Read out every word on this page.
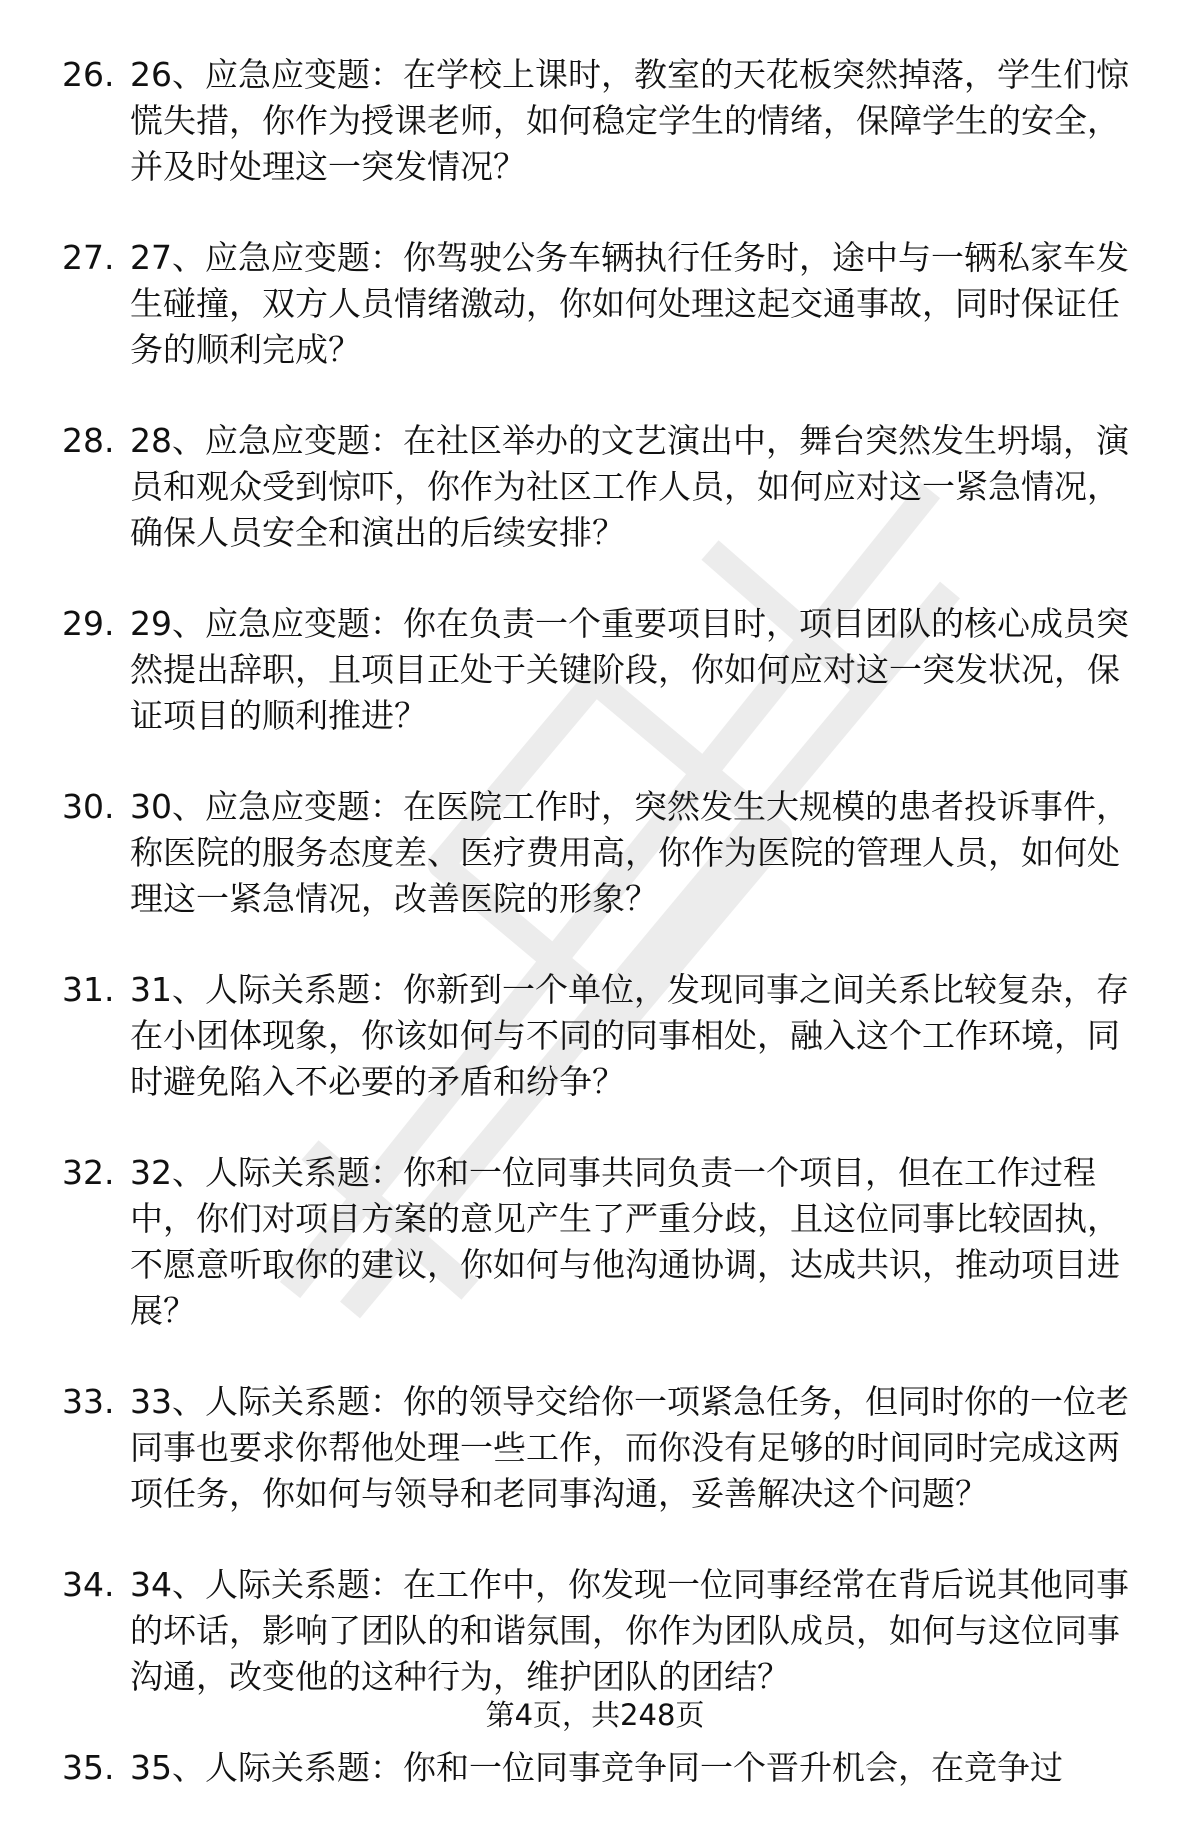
26. 26、应急应变题：在学校上课时，教室的天花板突然掉落，学生们惊慌失措，你作为授课老师，如何稳定学生的情绪，保障学生的安全，并及时处理这一突发情况？
27. 27、应急应变题：你驾驶公务车辆执行任务时，途中与一辆私家车发生碰撞，双方人员情绪激动，你如何处理这起交通事故，同时保证任务的顺利完成？
28. 28、应急应变题：在社区举办的文艺演出中，舞台突然发生坍塌，演员和观众受到惊吓，你作为社区工作人员，如何应对这一紧急情况，确保人员安全和演出的后续安排？
29. 29、应急应变题：你在负责一个重要项目时，项目团队的核心成员突然提出辞职，且项目正处于关键阶段，你如何应对这一突发状况，保证项目的顺利推进？
30. 30、应急应变题：在医院工作时，突然发生大规模的患者投诉事件，称医院的服务态度差、医疗费用高，你作为医院的管理人员，如何处理这一紧急情况，改善医院的形象？
31. 31、人际关系题：你新到一个单位，发现同事之间关系比较复杂，存在小团体现象，你该如何与不同的同事相处，融入这个工作环境，同时避免陷入不必要的矛盾和纷争？
32. 32、人际关系题：你和一位同事共同负责一个项目，但在工作过程中，你们对项目方案的意见产生了严重分歧，且这位同事比较固执，不愿意听取你的建议，你如何与他沟通协调，达成共识，推动项目进展？
33. 33、人际关系题：你的领导交给你一项紧急任务，但同时你的一位老同事也要求你帮他处理一些工作，而你没有足够的时间同时完成这两项任务，你如何与领导和老同事沟通，妥善解决这个问题？
34. 34、人际关系题：在工作中，你发现一位同事经常在背后说其他同事的坏话，影响了团队的和谐氛围，你作为团队成员，如何与这位同事沟通，改变他的这种行为，维护团队的团结？
35. 35、人际关系题：你和一位同事竞争同一个晋升机会，在竞争过
第4页，共248页
